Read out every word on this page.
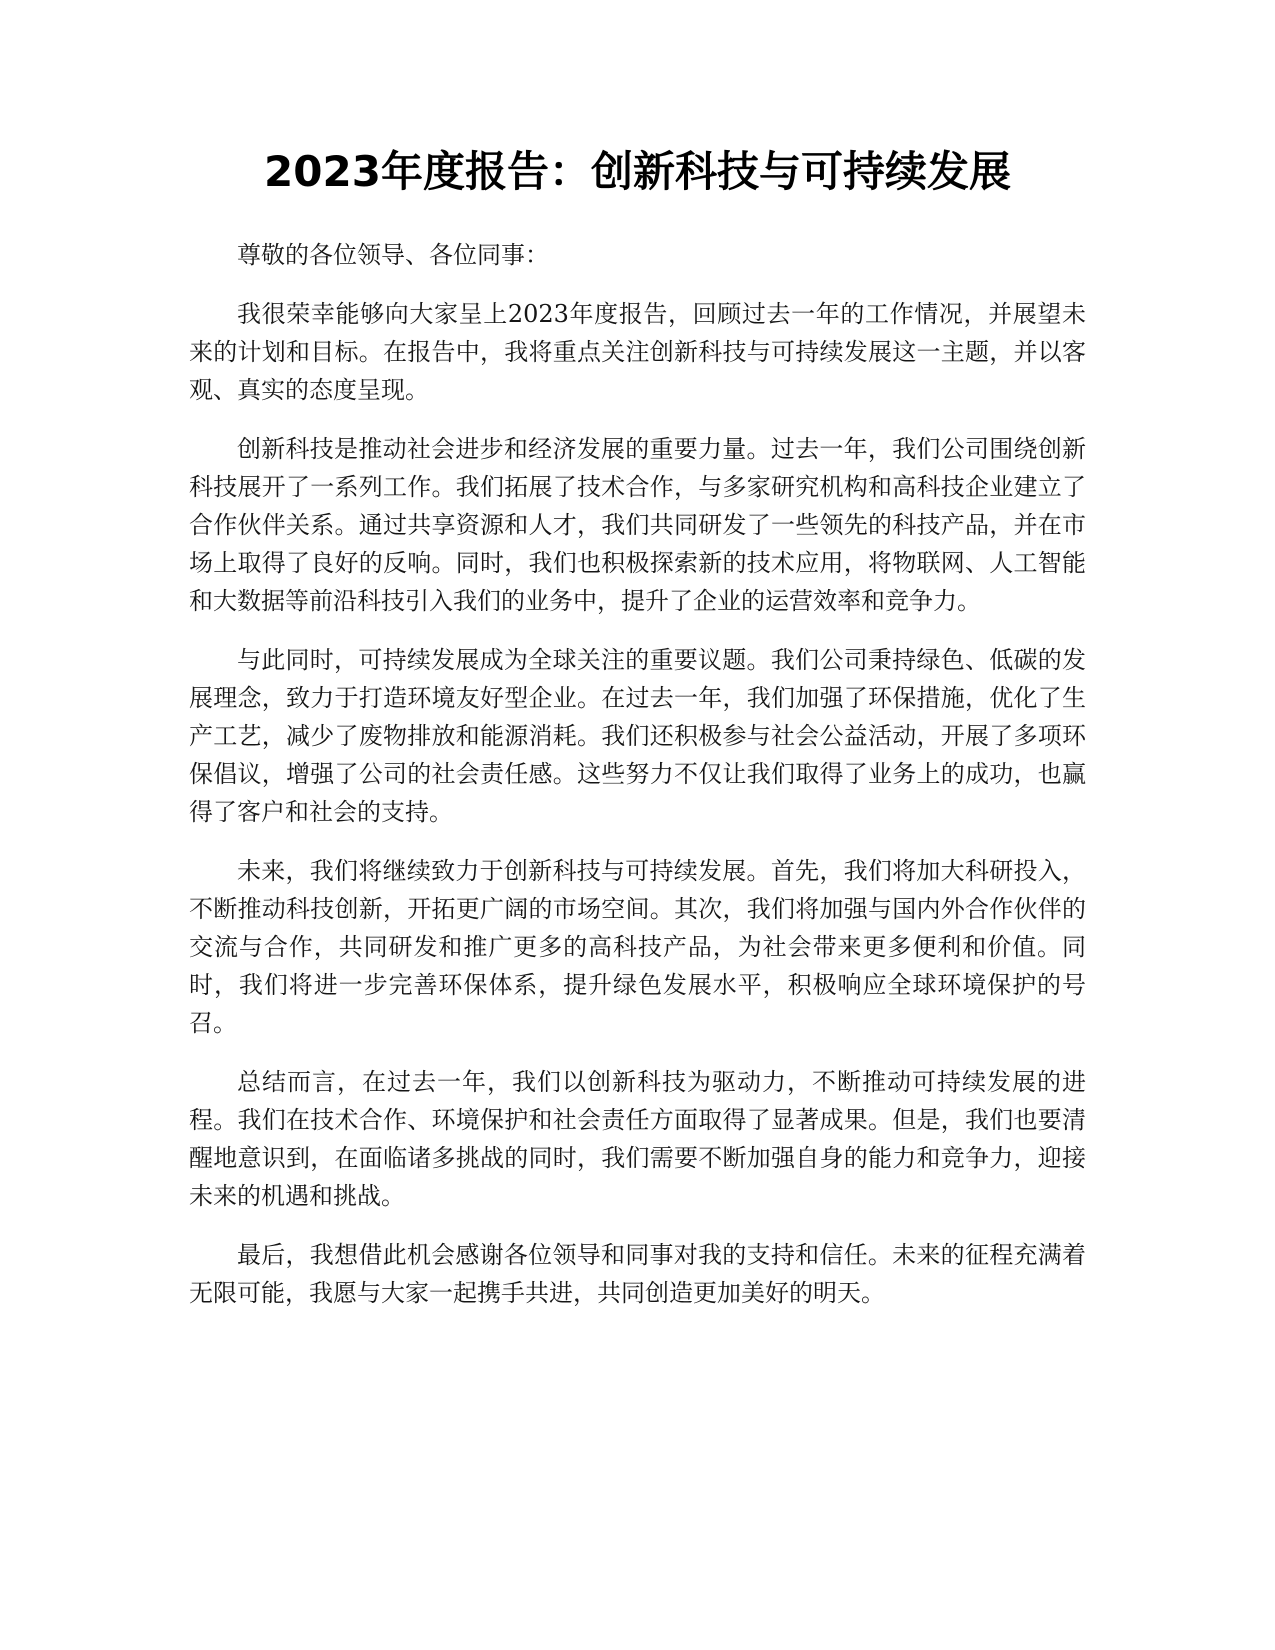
2023年度报告：创新科技与可持续发展

尊敬的各位领导、各位同事：

我很荣幸能够向大家呈上2023年度报告，回顾过去一年的工作情况，并展望未来的计划和目标。在报告中，我将重点关注创新科技与可持续发展这一主题，并以客观、真实的态度呈现。

创新科技是推动社会进步和经济发展的重要力量。过去一年，我们公司围绕创新科技展开了一系列工作。我们拓展了技术合作，与多家研究机构和高科技企业建立了合作伙伴关系。通过共享资源和人才，我们共同研发了一些领先的科技产品，并在市场上取得了良好的反响。同时，我们也积极探索新的技术应用，将物联网、人工智能和大数据等前沿科技引入我们的业务中，提升了企业的运营效率和竞争力。

与此同时，可持续发展成为全球关注的重要议题。我们公司秉持绿色、低碳的发展理念，致力于打造环境友好型企业。在过去一年，我们加强了环保措施，优化了生产工艺，减少了废物排放和能源消耗。我们还积极参与社会公益活动，开展了多项环保倡议，增强了公司的社会责任感。这些努力不仅让我们取得了业务上的成功，也赢得了客户和社会的支持。

未来，我们将继续致力于创新科技与可持续发展。首先，我们将加大科研投入，不断推动科技创新，开拓更广阔的市场空间。其次，我们将加强与国内外合作伙伴的交流与合作，共同研发和推广更多的高科技产品，为社会带来更多便利和价值。同时，我们将进一步完善环保体系，提升绿色发展水平，积极响应全球环境保护的号召。

总结而言，在过去一年，我们以创新科技为驱动力，不断推动可持续发展的进程。我们在技术合作、环境保护和社会责任方面取得了显著成果。但是，我们也要清醒地意识到，在面临诸多挑战的同时，我们需要不断加强自身的能力和竞争力，迎接未来的机遇和挑战。

最后，我想借此机会感谢各位领导和同事对我的支持和信任。未来的征程充满着无限可能，我愿与大家一起携手共进，共同创造更加美好的明天。
